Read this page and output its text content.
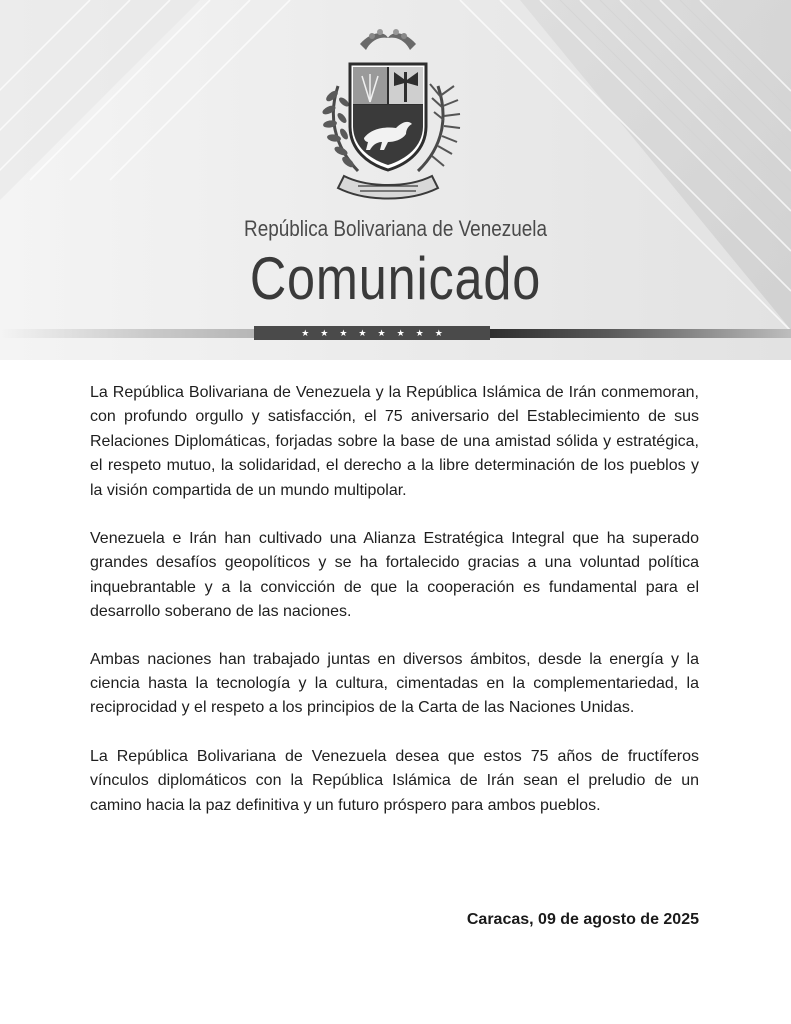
República Bolivariana de Venezuela
Comunicado
★ ★ ★ ★ ★ ★ ★ ★

La República Bolivariana de Venezuela y la República Islámica de Irán conmemoran, con profundo orgullo y satisfacción, el 75 aniversario del Establecimiento de sus Relaciones Diplomáticas, forjadas sobre la base de una amistad sólida y estratégica, el respeto mutuo, la solidaridad, el derecho a la libre determinación de los pueblos y la visión compartida de un mundo multipolar.

Venezuela e Irán han cultivado una Alianza Estratégica Integral que ha superado grandes desafíos geopolíticos y se ha fortalecido gracias a una voluntad política inquebrantable y a la convicción de que la cooperación es fundamental para el desarrollo soberano de las naciones.

Ambas naciones han trabajado juntas en diversos ámbitos, desde la energía y la ciencia hasta la tecnología y la cultura, cimentadas en la complementariedad, la reciprocidad y el respeto a los principios de la Carta de las Naciones Unidas.

La República Bolivariana de Venezuela desea que estos 75 años de fructíferos vínculos diplomáticos con la República Islámica de Irán sean el preludio de un camino hacia la paz definitiva y un futuro próspero para ambos pueblos.

Caracas, 09 de agosto de 2025
